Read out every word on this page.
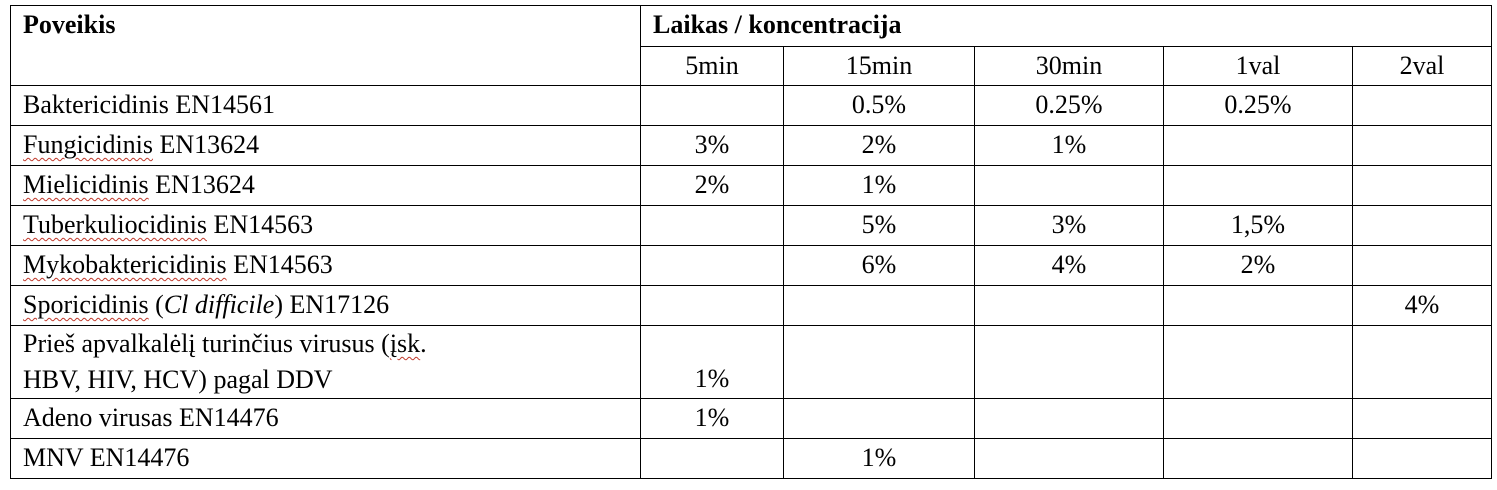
Poveikis	Laikas / koncentracija				
	5min	15min	30min	1val	2val
Baktericidinis EN14561		0.5%	0.25%	0.25%	
Fungicidinis EN13624	3%	2%	1%		
Mielicidinis EN13624	2%	1%			
Tuberkuliocidinis EN14563		5%	3%	1,5%	
Mykobaktericidinis EN14563		6%	4%	2%	
Sporicidinis (Cl difficile) EN17126					4%
Prieš apvalkalėlį turinčius virusus (įsk.
HBV, HIV, HCV) pagal DDV	1%				
Adeno virusas EN14476	1%				
MNV EN14476		1%			
